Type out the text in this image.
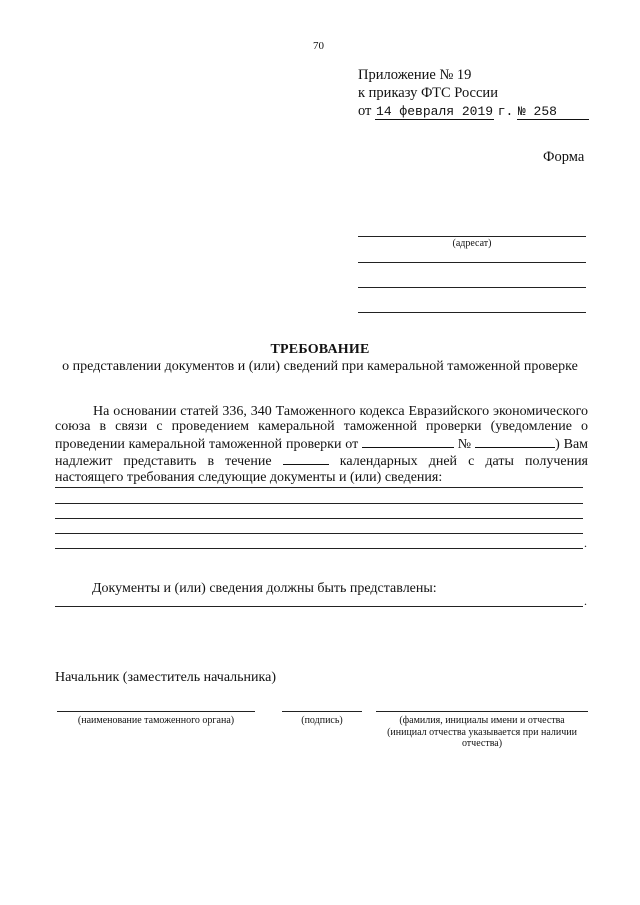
70
Приложение № 19
к приказу ФТС России
от 14 февраля 2019 г. № 258
Форма
(адресат)
ТРЕБОВАНИЕ
о представлении документов и (или) сведений при камеральной таможенной проверке
На основании статей 336, 340 Таможенного кодекса Евразийского экономического союза в связи с проведением камеральной таможенной проверки (уведомление о проведении камеральной таможенной проверки от	№	) Вам надлежит представить в течение	календарных дней с даты получения настоящего требования следующие документы и (или) сведения:
.
Документы и (или) сведения должны быть представлены:
.
Начальник (заместитель начальника)
(наименование таможенного органа)	(подпись)	(фамилия, инициалы имени и отчества
(инициал отчества указывается при наличии
отчества)
